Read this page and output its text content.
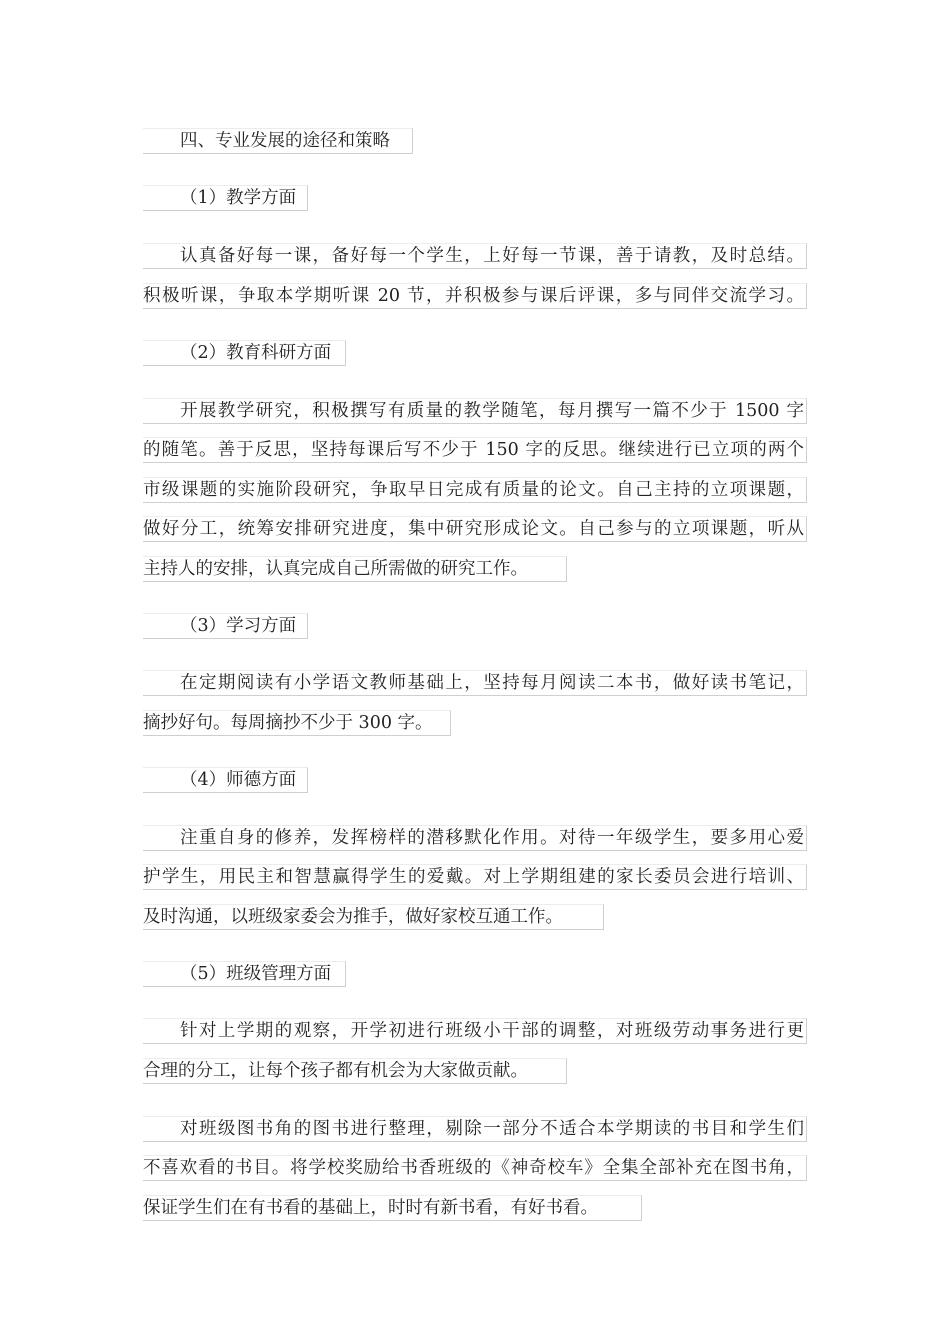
四、专业发展的途径和策略
（1）教学方面
认真备好每一课，备好每一个学生，上好每一节课，善于请教，及时总结。
积极听课，争取本学期听课 20 节，并积极参与课后评课，多与同伴交流学习。
（2）教育科研方面
开展教学研究，积极撰写有质量的教学随笔，每月撰写一篇不少于 1500 字
的随笔。善于反思，坚持每课后写不少于 150 字的反思。继续进行已立项的两个
市级课题的实施阶段研究，争取早日完成有质量的论文。自己主持的立项课题，
做好分工，统筹安排研究进度，集中研究形成论文。自己参与的立项课题，听从
主持人的安排，认真完成自己所需做的研究工作。
（3）学习方面
在定期阅读有小学语文教师基础上，坚持每月阅读二本书，做好读书笔记，
摘抄好句。每周摘抄不少于 300 字。
（4）师德方面
注重自身的修养，发挥榜样的潜移默化作用。对待一年级学生，要多用心爱
护学生，用民主和智慧赢得学生的爱戴。对上学期组建的家长委员会进行培训、
及时沟通，以班级家委会为推手，做好家校互通工作。
（5）班级管理方面
针对上学期的观察，开学初进行班级小干部的调整，对班级劳动事务进行更
合理的分工，让每个孩子都有机会为大家做贡献。
对班级图书角的图书进行整理，剔除一部分不适合本学期读的书目和学生们
不喜欢看的书目。将学校奖励给书香班级的《神奇校车》全集全部补充在图书角，
保证学生们在有书看的基础上，时时有新书看，有好书看。
